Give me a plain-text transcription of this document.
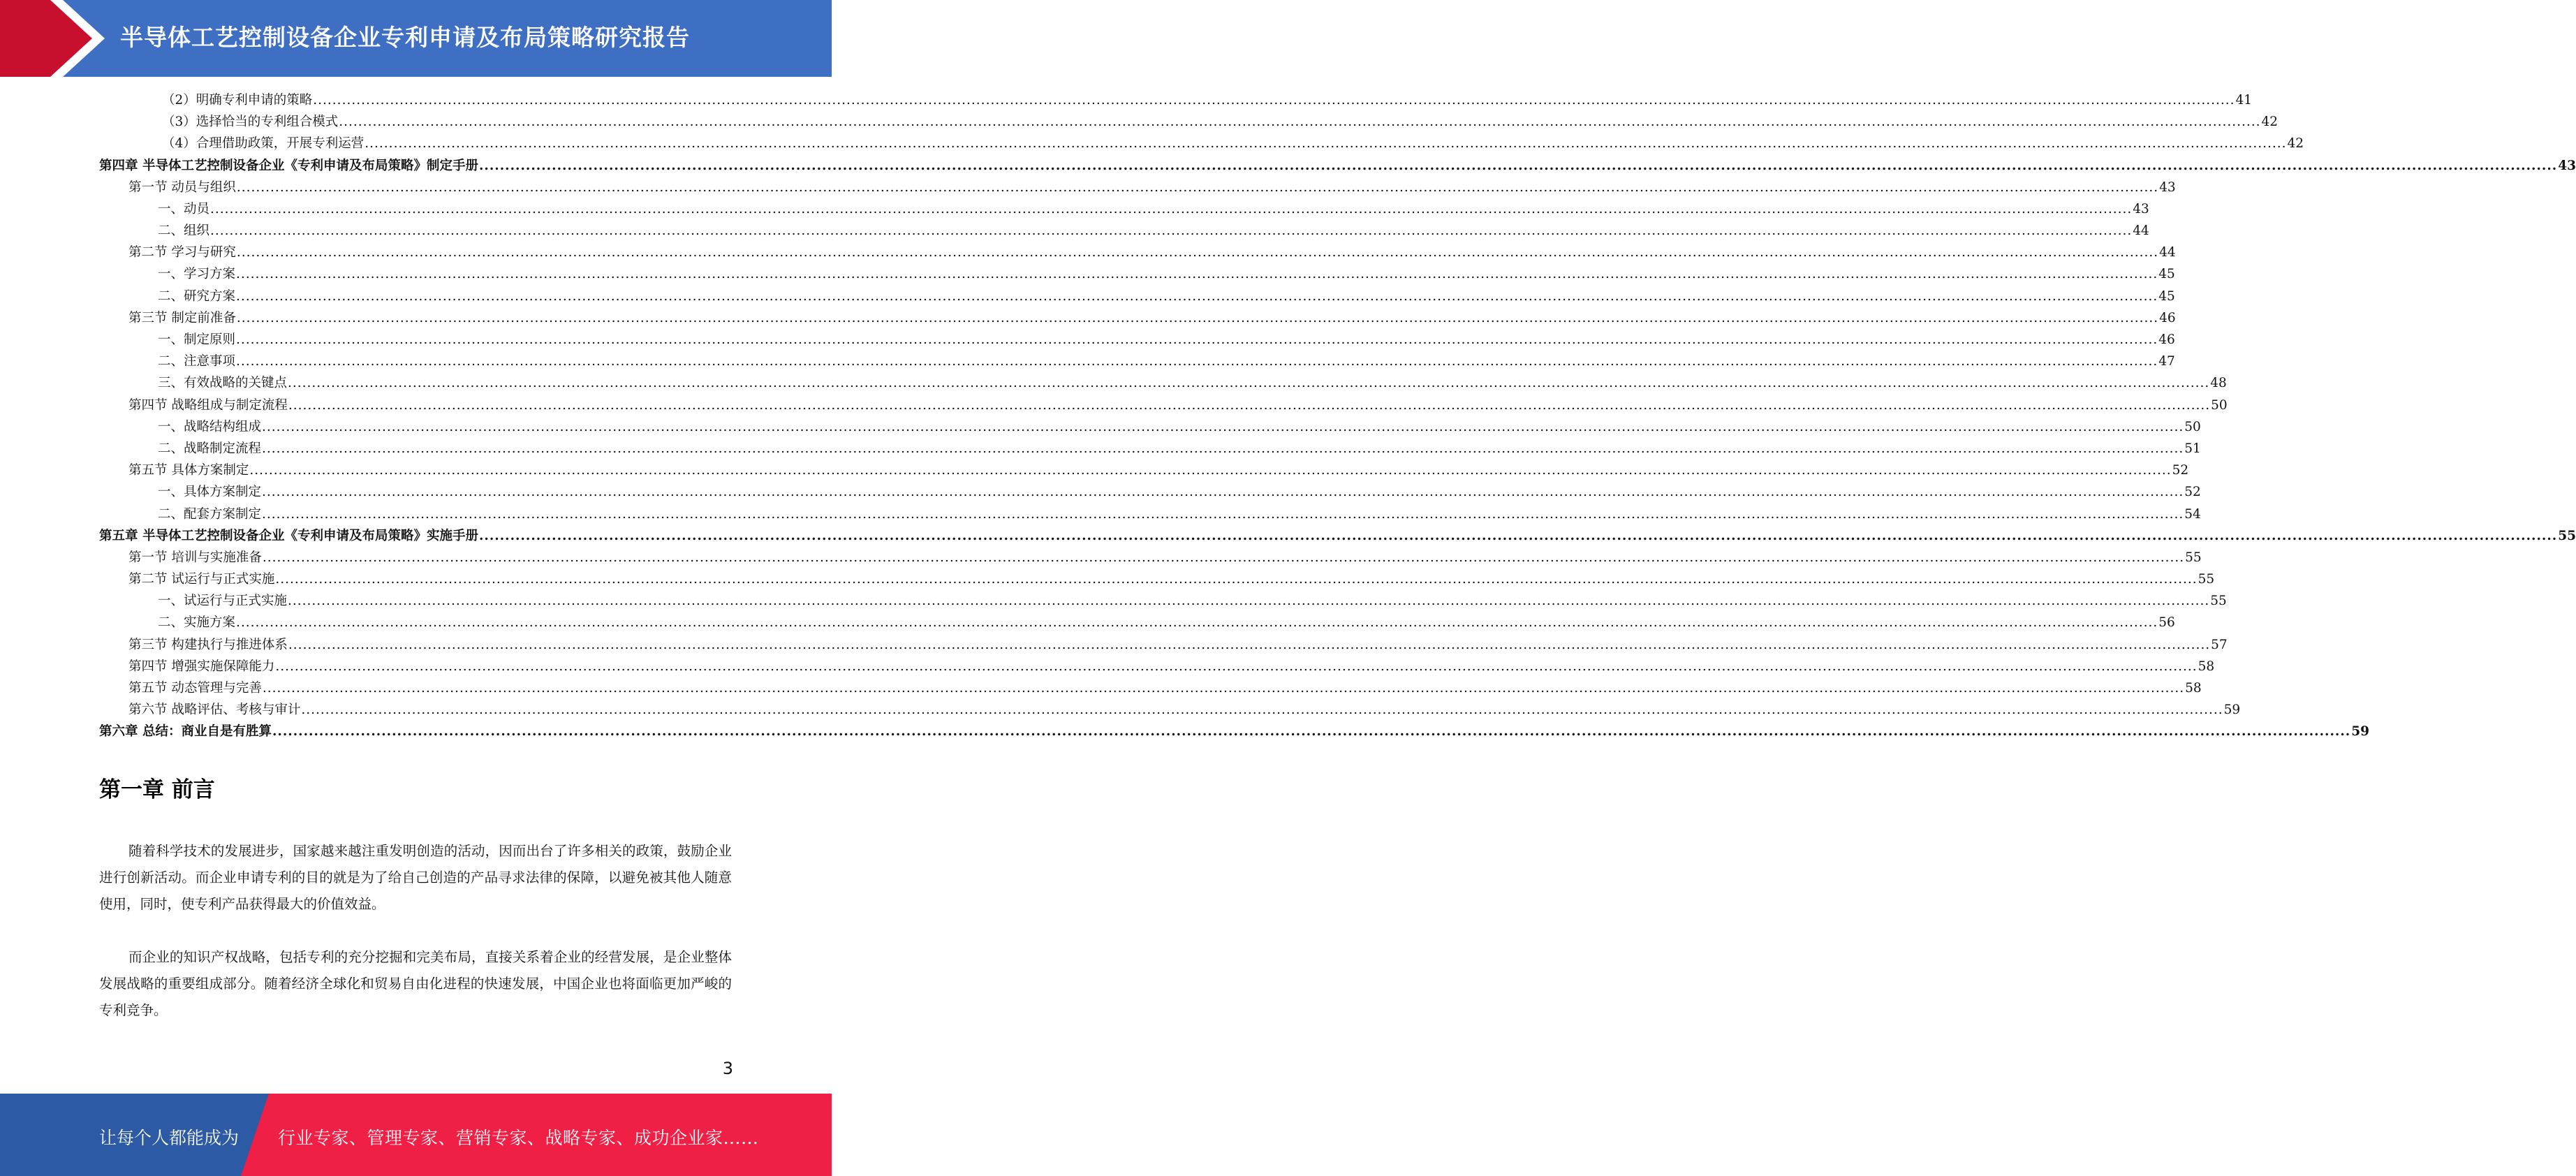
半导体工艺控制设备企业专利申请及布局策略研究报告
（2）明确专利申请的策略 ................................................................................................................................................................................................................................................................................................................................................................................................................ 41
（3）选择恰当的专利组合模式 ................................................................................................................................................................................................................................................................................................................................................................................................................ 42
（4）合理借助政策，开展专利运营 ................................................................................................................................................................................................................................................................................................................................................................................................................ 42
第四章 半导体工艺控制设备企业《专利申请及布局策略》制定手册 ................................................................................................................................................................................................................................................................................................................................................................................................................ 43
第一节 动员与组织 ................................................................................................................................................................................................................................................................................................................................................................................................................ 43
一、动员 ................................................................................................................................................................................................................................................................................................................................................................................................................ 43
二、组织 ................................................................................................................................................................................................................................................................................................................................................................................................................ 44
第二节 学习与研究 ................................................................................................................................................................................................................................................................................................................................................................................................................ 44
一、学习方案 ................................................................................................................................................................................................................................................................................................................................................................................................................ 45
二、研究方案 ................................................................................................................................................................................................................................................................................................................................................................................................................ 45
第三节 制定前准备 ................................................................................................................................................................................................................................................................................................................................................................................................................ 46
一、制定原则 ................................................................................................................................................................................................................................................................................................................................................................................................................ 46
二、注意事项 ................................................................................................................................................................................................................................................................................................................................................................................................................ 47
三、有效战略的关键点 ................................................................................................................................................................................................................................................................................................................................................................................................................ 48
第四节 战略组成与制定流程 ................................................................................................................................................................................................................................................................................................................................................................................................................ 50
一、战略结构组成 ................................................................................................................................................................................................................................................................................................................................................................................................................ 50
二、战略制定流程 ................................................................................................................................................................................................................................................................................................................................................................................................................ 51
第五节 具体方案制定 ................................................................................................................................................................................................................................................................................................................................................................................................................ 52
一、具体方案制定 ................................................................................................................................................................................................................................................................................................................................................................................................................ 52
二、配套方案制定 ................................................................................................................................................................................................................................................................................................................................................................................................................ 54
第五章 半导体工艺控制设备企业《专利申请及布局策略》实施手册 ................................................................................................................................................................................................................................................................................................................................................................................................................ 55
第一节 培训与实施准备 ................................................................................................................................................................................................................................................................................................................................................................................................................ 55
第二节 试运行与正式实施 ................................................................................................................................................................................................................................................................................................................................................................................................................ 55
一、试运行与正式实施 ................................................................................................................................................................................................................................................................................................................................................................................................................ 55
二、实施方案 ................................................................................................................................................................................................................................................................................................................................................................................................................ 56
第三节 构建执行与推进体系 ................................................................................................................................................................................................................................................................................................................................................................................................................ 57
第四节 增强实施保障能力 ................................................................................................................................................................................................................................................................................................................................................................................................................ 58
第五节 动态管理与完善 ................................................................................................................................................................................................................................................................................................................................................................................................................ 58
第六节 战略评估、考核与审计 ................................................................................................................................................................................................................................................................................................................................................................................................................ 59
第六章 总结：商业自是有胜算 ................................................................................................................................................................................................................................................................................................................................................................................................................ 59
第一章 前言
随着科学技术的发展进步，国家越来越注重发明创造的活动，因而出台了许多相关的政策，鼓励企业进行创新活动。而企业申请专利的目的就是为了给自己创造的产品寻求法律的保障，以避免被其他人随意使用，同时，使专利产品获得最大的价值效益。
而企业的知识产权战略，包括专利的充分挖掘和完美布局，直接关系着企业的经营发展，是企业整体发展战略的重要组成部分。随着经济全球化和贸易自由化进程的快速发展，中国企业也将面临更加严峻的专利竞争。
3
让每个人都能成为 行业专家、管理专家、营销专家、战略专家、成功企业家……
